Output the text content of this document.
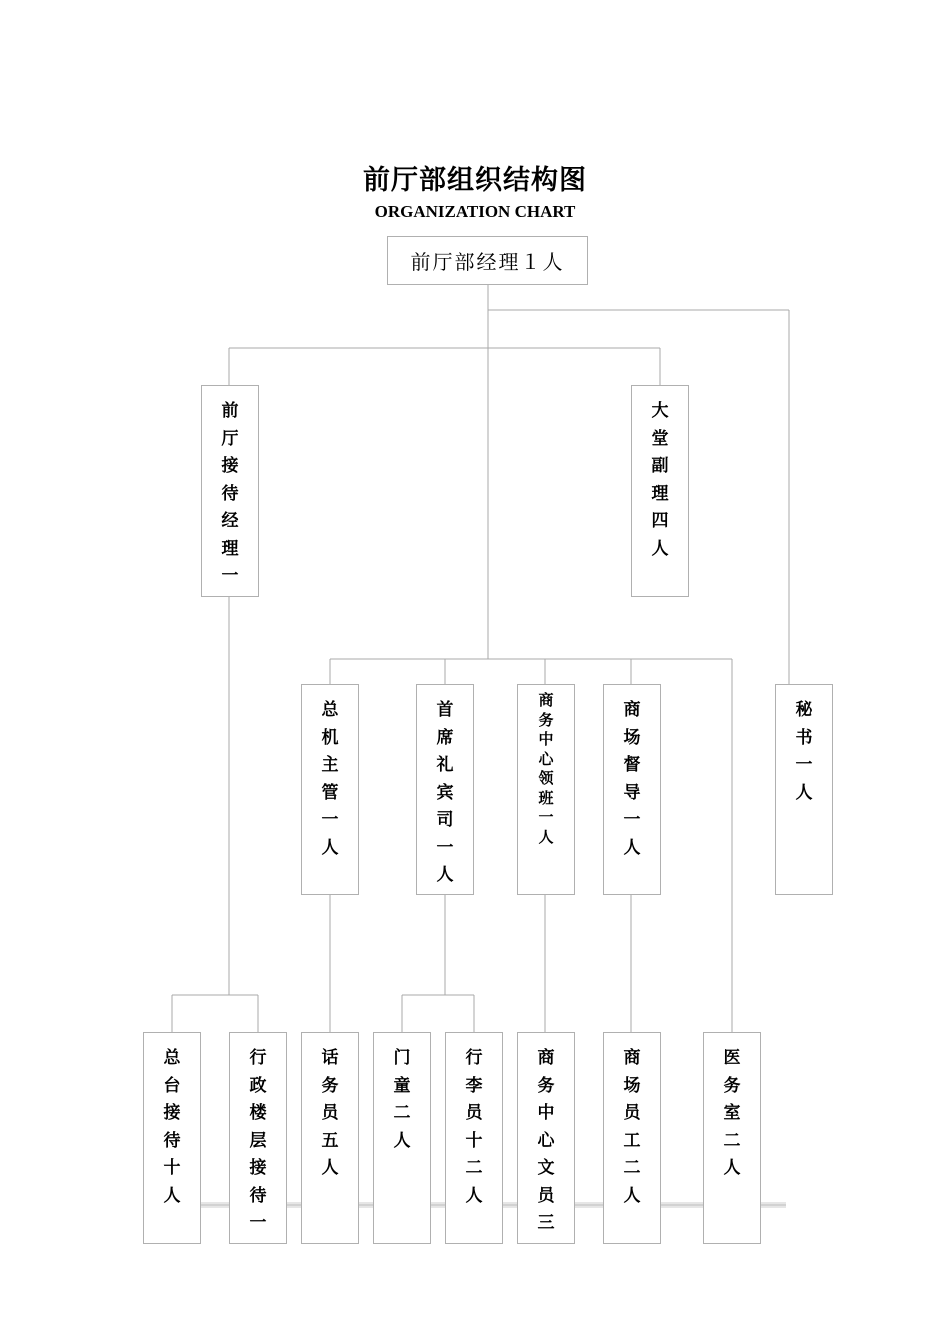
前厅部组织结构图
ORGANIZATION CHART
前厅部经理１人
前
厅
接
待
经
理
一
大
堂
副
理
四
人
总
机
主
管
一
人
首
席
礼
宾
司
一
人
商
务
中
心
领
班
一
人
商
场
督
导
一
人
秘
书
一
人
总
台
接
待
十
人
行
政
楼
层
接
待
一
话
务
员
五
人
门
童
二
人
行
李
员
十
二
人
商
务
中
心
文
员
三
商
场
员
工
二
人
医
务
室
二
人
